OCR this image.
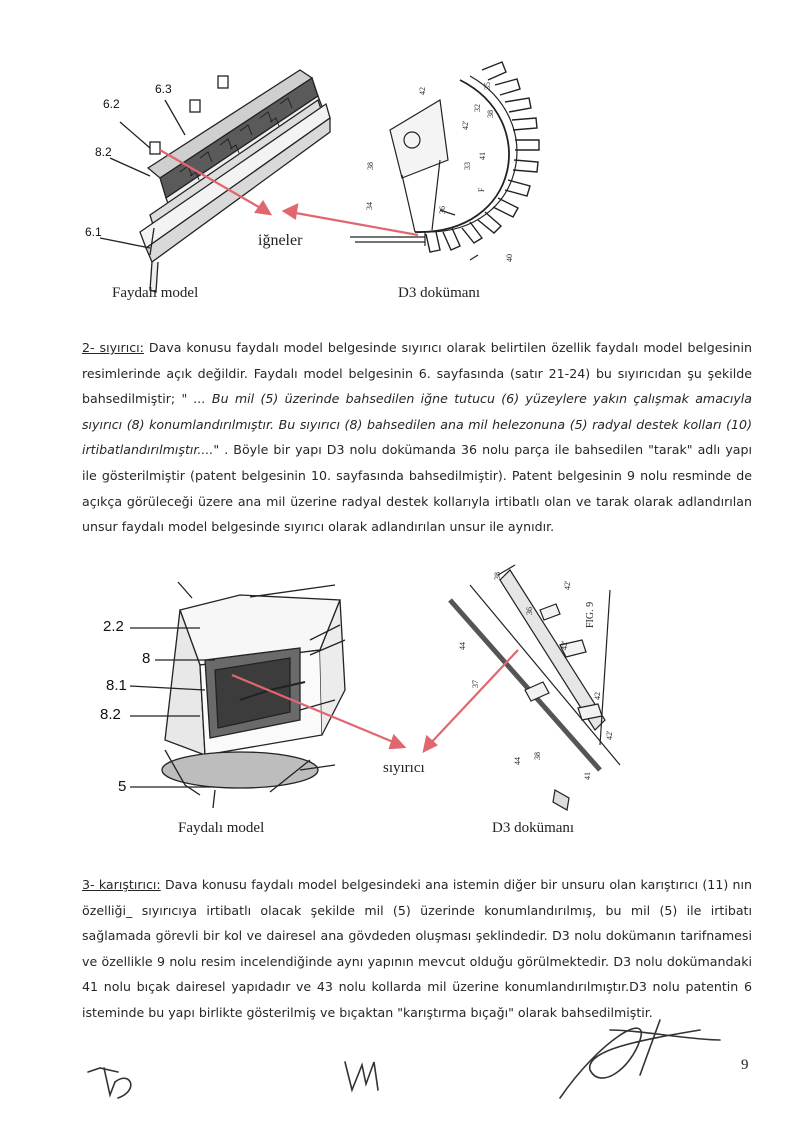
42
42'
32
38
38
34	36
33
41
35
40
F
6.2
6.3
8.2
6.1	iğneler
Faydalı model	D3 dokümanı
2- sıyırıcı: Dava konusu faydalı model belgesinde sıyırıcı olarak belirtilen özellik faydalı model belgesinin resimlerinde açık değildir. Faydalı model belgesinin 6. sayfasında (satır 21-24) bu sıyırıcıdan şu şekilde bahsedilmiştir; " ... Bu mil (5) üzerinde bahsedilen iğne tutucu (6) yüzeylere yakın çalışmak amacıyla sıyırıcı (8) konumlandırılmıştır. Bu sıyırıcı (8) bahsedilen ana mil helezonuna (5) radyal destek kolları (10) irtibatlandırılmıştır...." . Böyle bir yapı D3 nolu dokümanda 36 nolu parça ile bahsedilen "tarak" adlı yapı ile gösterilmiştir (patent belgesinin 10. sayfasında bahsedilmiştir). Patent belgesinin 9 nolu resminde de açıkça görüleceği üzere ana mil üzerine radyal destek kollarıyla irtibatlı olan ve tarak olarak adlandırılan unsur faydalı model belgesinde sıyırıcı olarak adlandırılan unsur ile aynıdır.
38
42'
42'
44
37
38
42
42'
44
41
36
2.2
8
8.1
8.2
5
sıyırıcı
Faydalı model	D3 dokümanı
FIG. 9
3- karıştırıcı: Dava konusu faydalı model belgesindeki ana istemin diğer bir unsuru olan karıştırıcı (11) nın özelliği_ sıyırıcıya irtibatlı olacak şekilde mil (5) üzerinde konumlandırılmış, bu mil (5) ile irtibatı sağlamada görevli bir kol ve dairesel ana gövdeden oluşması şeklindedir. D3 nolu dokümanın tarifnamesi ve özellikle 9 nolu resim incelendiğinde aynı yapının mevcut olduğu görülmektedir. D3 nolu dokümandaki 41 nolu bıçak dairesel yapıdadır ve 43 nolu kollarda mil üzerine konumlandırılmıştır.D3 nolu patentin 6 isteminde bu yapı birlikte gösterilmiş ve bıçaktan "karıştırma bıçağı" olarak bahsedilmiştir.
9
